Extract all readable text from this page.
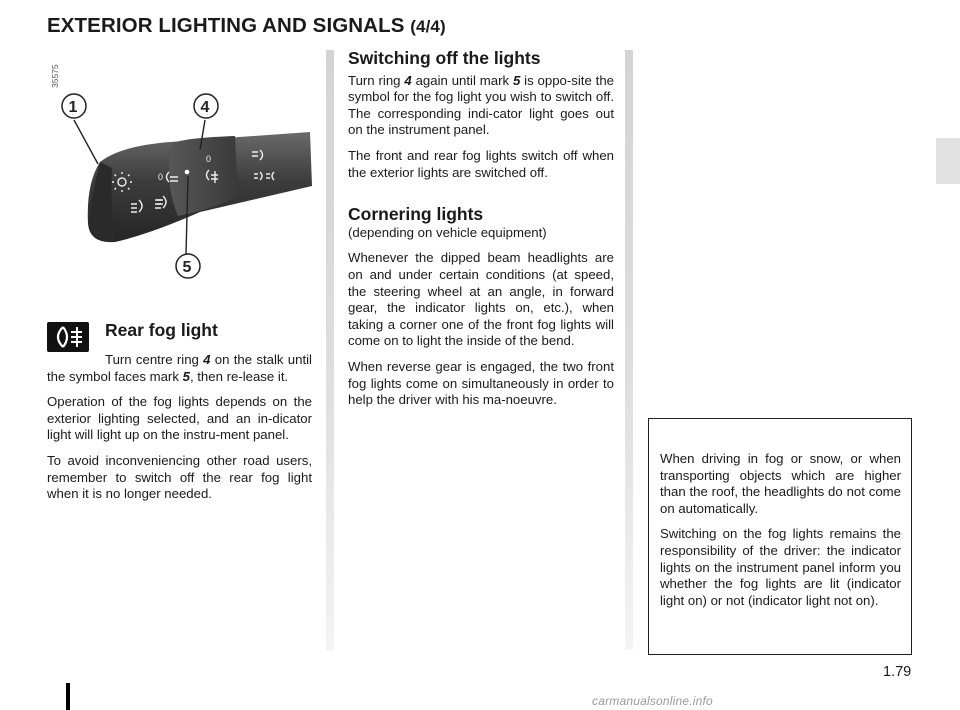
EXTERIOR LIGHTING AND SIGNALS (4/4)
35575
0
0
1	4
5
Rear fog light

Turn centre ring 4 on the stalk until the symbol faces mark 5, then re-lease it.

Operation of the fog lights depends on the exterior lighting selected, and an in-dicator light will light up on the instru-ment panel.

To avoid inconveniencing other road users, remember to switch off the rear fog light when it is no longer needed.

Switching off the lights

Turn ring 4 again until mark 5 is oppo-site the symbol for the fog light you wish to switch off. The corresponding indi-cator light goes out on the instrument panel.

The front and rear fog lights switch off when the exterior lights are switched off.

Cornering lights
(depending on vehicle equipment)

Whenever the dipped beam headlights are on and under certain conditions (at speed, the steering wheel at an angle, in forward gear, the indicator lights on, etc.), when taking a corner one of the front fog lights will come on to light the inside of the bend.

When reverse gear is engaged, the two front fog lights come on simultaneously in order to help the driver with his ma-noeuvre.

When driving in fog or snow, or when transporting objects which are higher than the roof, the headlights do not come on automatically.

Switching on the fog lights remains the responsibility of the driver: the indicator lights on the instrument panel inform you whether the fog lights are lit (indicator light on) or not (indicator light not on).

1.79
carmanualsonline.info
